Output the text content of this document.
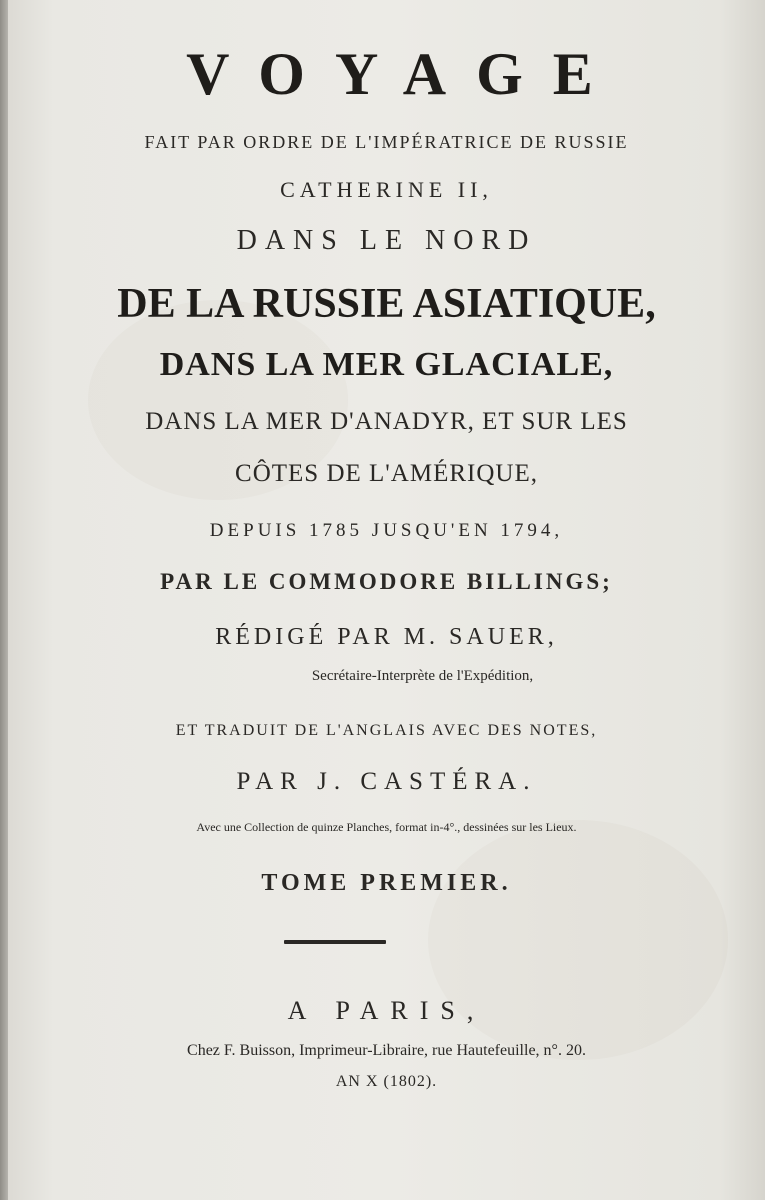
VOYAGE
FAIT PAR ORDRE DE L'IMPÉRATRICE DE RUSSIE
CATHERINE II,
DANS LE NORD
DE LA RUSSIE ASIATIQUE,
DANS LA MER GLACIALE,
DANS LA MER D'ANADYR, ET SUR LES
CÔTES DE L'AMÉRIQUE,
DEPUIS 1785 JUSQU'EN 1794,
PAR LE COMMODORE BILLINGS;
RÉDIGÉ PAR M. SAUER,
Secrétaire-Interprète de l'Expédition,
ET TRADUIT DE L'ANGLAIS AVEC DES NOTES,
PAR J. CASTÉRA.
Avec une Collection de quinze Planches, format in-4°., dessinées sur les Lieux.
TOME PREMIER.
A PARIS,
Chez F. Buisson, Imprimeur-Libraire, rue Hautefeuille, n°. 20.
AN X (1802).
